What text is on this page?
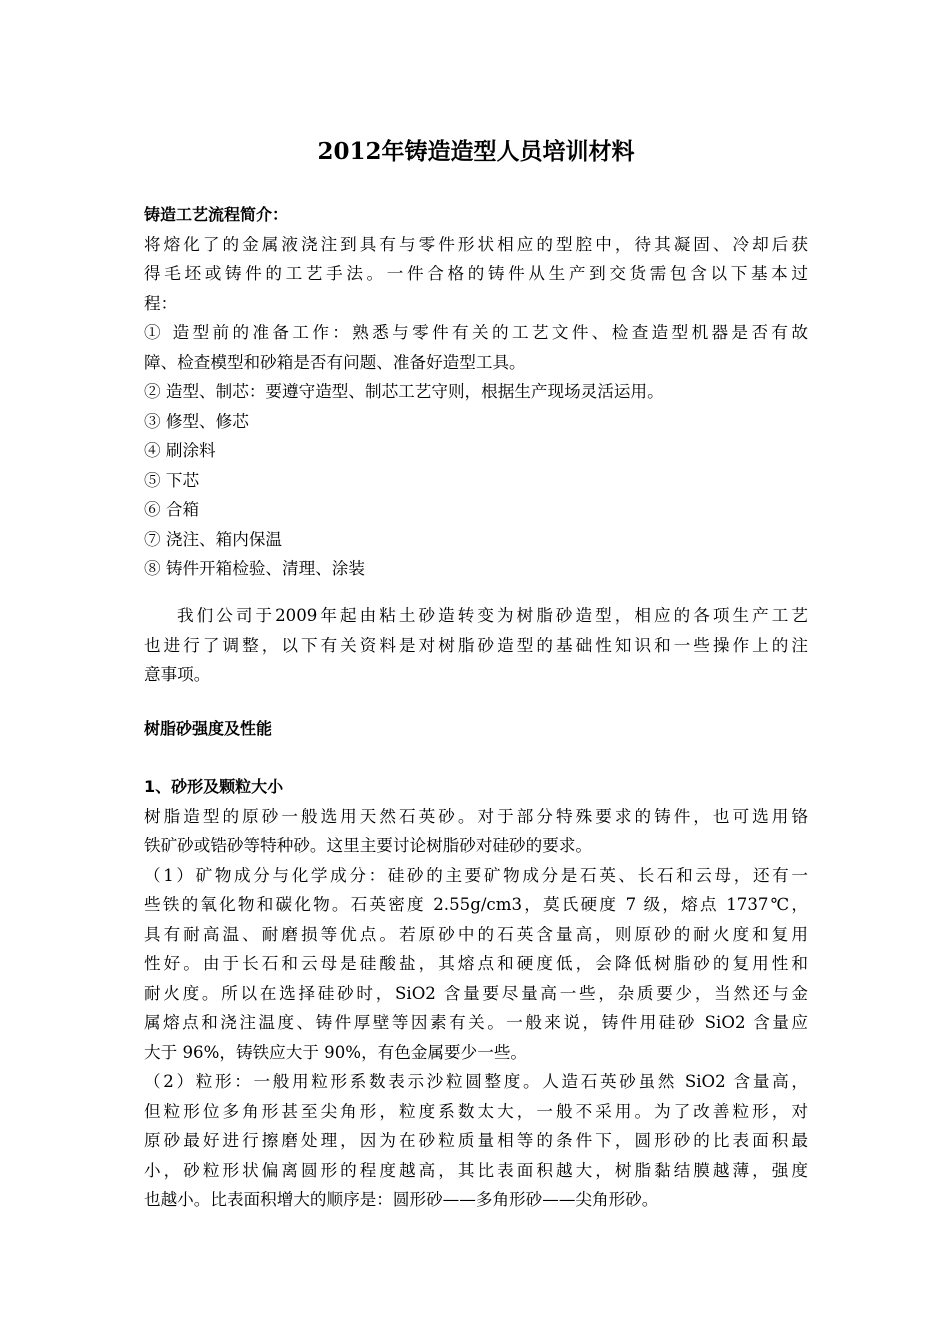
2012年铸造造型人员培训材料
铸造工艺流程简介：
将熔化了的金属液浇注到具有与零件形状相应的型腔中，待其凝固、冷却后获
得毛坯或铸件的工艺手法。一件合格的铸件从生产到交货需包含以下基本过
程：
① 造型前的准备工作：熟悉与零件有关的工艺文件、检查造型机器是否有故
障、检查模型和砂箱是否有问题、准备好造型工具。
② 造型、制芯：要遵守造型、制芯工艺守则，根据生产现场灵活运用。
③ 修型、修芯
④ 刷涂料
⑤ 下芯
⑥ 合箱
⑦ 浇注、箱内保温
⑧ 铸件开箱检验、清理、涂装
我们公司于2009年起由粘土砂造转变为树脂砂造型，相应的各项生产工艺
也进行了调整，以下有关资料是对树脂砂造型的基础性知识和一些操作上的注
意事项。
树脂砂强度及性能
1、砂形及颗粒大小
树脂造型的原砂一般选用天然石英砂。对于部分特殊要求的铸件，也可选用铬
铁矿砂或锆砂等特种砂。这里主要讨论树脂砂对硅砂的要求。
（1）矿物成分与化学成分：硅砂的主要矿物成分是石英、长石和云母，还有一
些铁的氧化物和碳化物。石英密度 2.55g/cm3，莫氏硬度 7 级，熔点 1737℃，
具有耐高温、耐磨损等优点。若原砂中的石英含量高，则原砂的耐火度和复用
性好。由于长石和云母是硅酸盐，其熔点和硬度低，会降低树脂砂的复用性和
耐火度。所以在选择硅砂时，SiO2 含量要尽量高一些，杂质要少，当然还与金
属熔点和浇注温度、铸件厚壁等因素有关。一般来说，铸件用硅砂 SiO2 含量应
大于 96%，铸铁应大于 90%，有色金属要少一些。
（2）粒形：一般用粒形系数表示沙粒圆整度。人造石英砂虽然 SiO2 含量高，
但粒形位多角形甚至尖角形，粒度系数太大，一般不采用。为了改善粒形，对
原砂最好进行擦磨处理，因为在砂粒质量相等的条件下，圆形砂的比表面积最
小，砂粒形状偏离圆形的程度越高，其比表面积越大，树脂黏结膜越薄，强度
也越小。比表面积增大的顺序是：圆形砂——多角形砂——尖角形砂。
